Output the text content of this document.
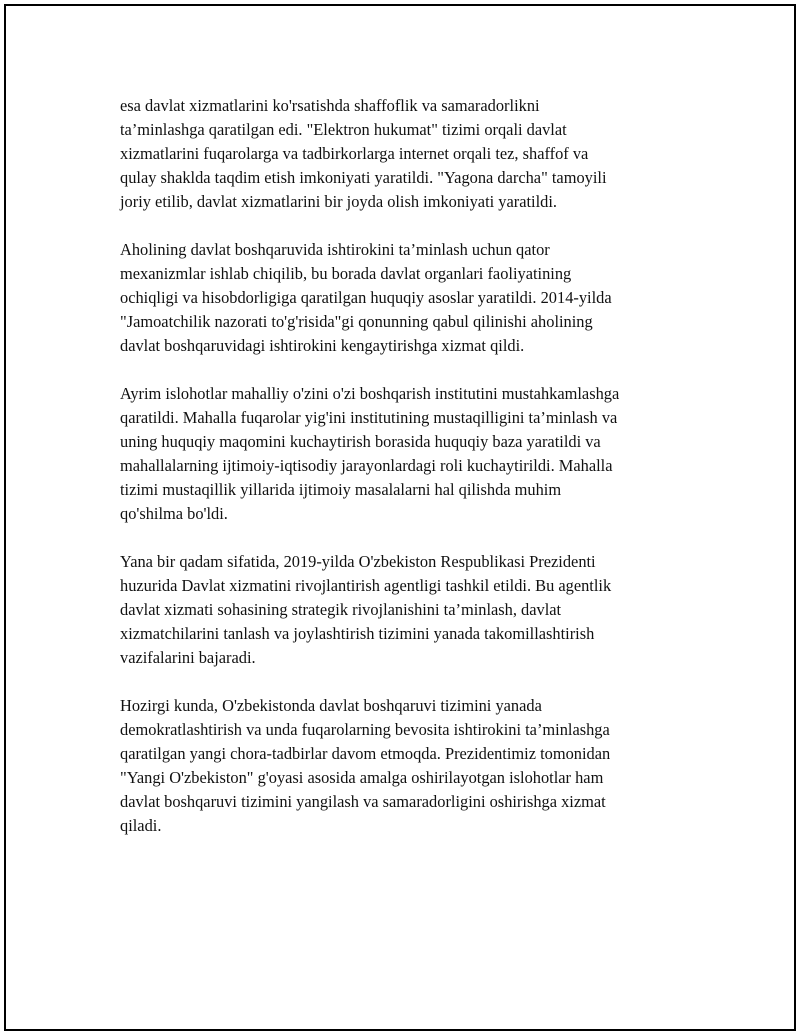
esa davlat xizmatlarini ko'rsatishda shaffoflik va samaradorlikni
ta’minlashga qaratilgan edi. "Elektron hukumat" tizimi orqali davlat
xizmatlarini fuqarolarga va tadbirkorlarga internet orqali tez, shaffof va
qulay shaklda taqdim etish imkoniyati yaratildi. "Yagona darcha" tamoyili
joriy etilib, davlat xizmatlarini bir joyda olish imkoniyati yaratildi.

Aholining davlat boshqaruvida ishtirokini ta’minlash uchun qator
mexanizmlar ishlab chiqilib, bu borada davlat organlari faoliyatining
ochiqligi va hisobdorligiga qaratilgan huquqiy asoslar yaratildi. 2014-yilda
"Jamoatchilik nazorati to'g'risida"gi qonunning qabul qilinishi aholining
davlat boshqaruvidagi ishtirokini kengaytirishga xizmat qildi.

Ayrim islohotlar mahalliy o'zini o'zi boshqarish institutini mustahkamlashga
qaratildi. Mahalla fuqarolar yig'ini institutining mustaqilligini ta’minlash va
uning huquqiy maqomini kuchaytirish borasida huquqiy baza yaratildi va
mahallalarning ijtimoiy-iqtisodiy jarayonlardagi roli kuchaytirildi. Mahalla
tizimi mustaqillik yillarida ijtimoiy masalalarni hal qilishda muhim
qo'shilma bo'ldi.

Yana bir qadam sifatida, 2019-yilda O'zbekiston Respublikasi Prezidenti
huzurida Davlat xizmatini rivojlantirish agentligi tashkil etildi. Bu agentlik
davlat xizmati sohasining strategik rivojlanishini ta’minlash, davlat
xizmatchilarini tanlash va joylashtirish tizimini yanada takomillashtirish
vazifalarini bajaradi.

Hozirgi kunda, O'zbekistonda davlat boshqaruvi tizimini yanada
demokratlashtirish va unda fuqarolarning bevosita ishtirokini ta’minlashga
qaratilgan yangi chora-tadbirlar davom etmoqda. Prezidentimiz tomonidan
"Yangi O'zbekiston" g'oyasi asosida amalga oshirilayotgan islohotlar ham
davlat boshqaruvi tizimini yangilash va samaradorligini oshirishga xizmat
qiladi.
